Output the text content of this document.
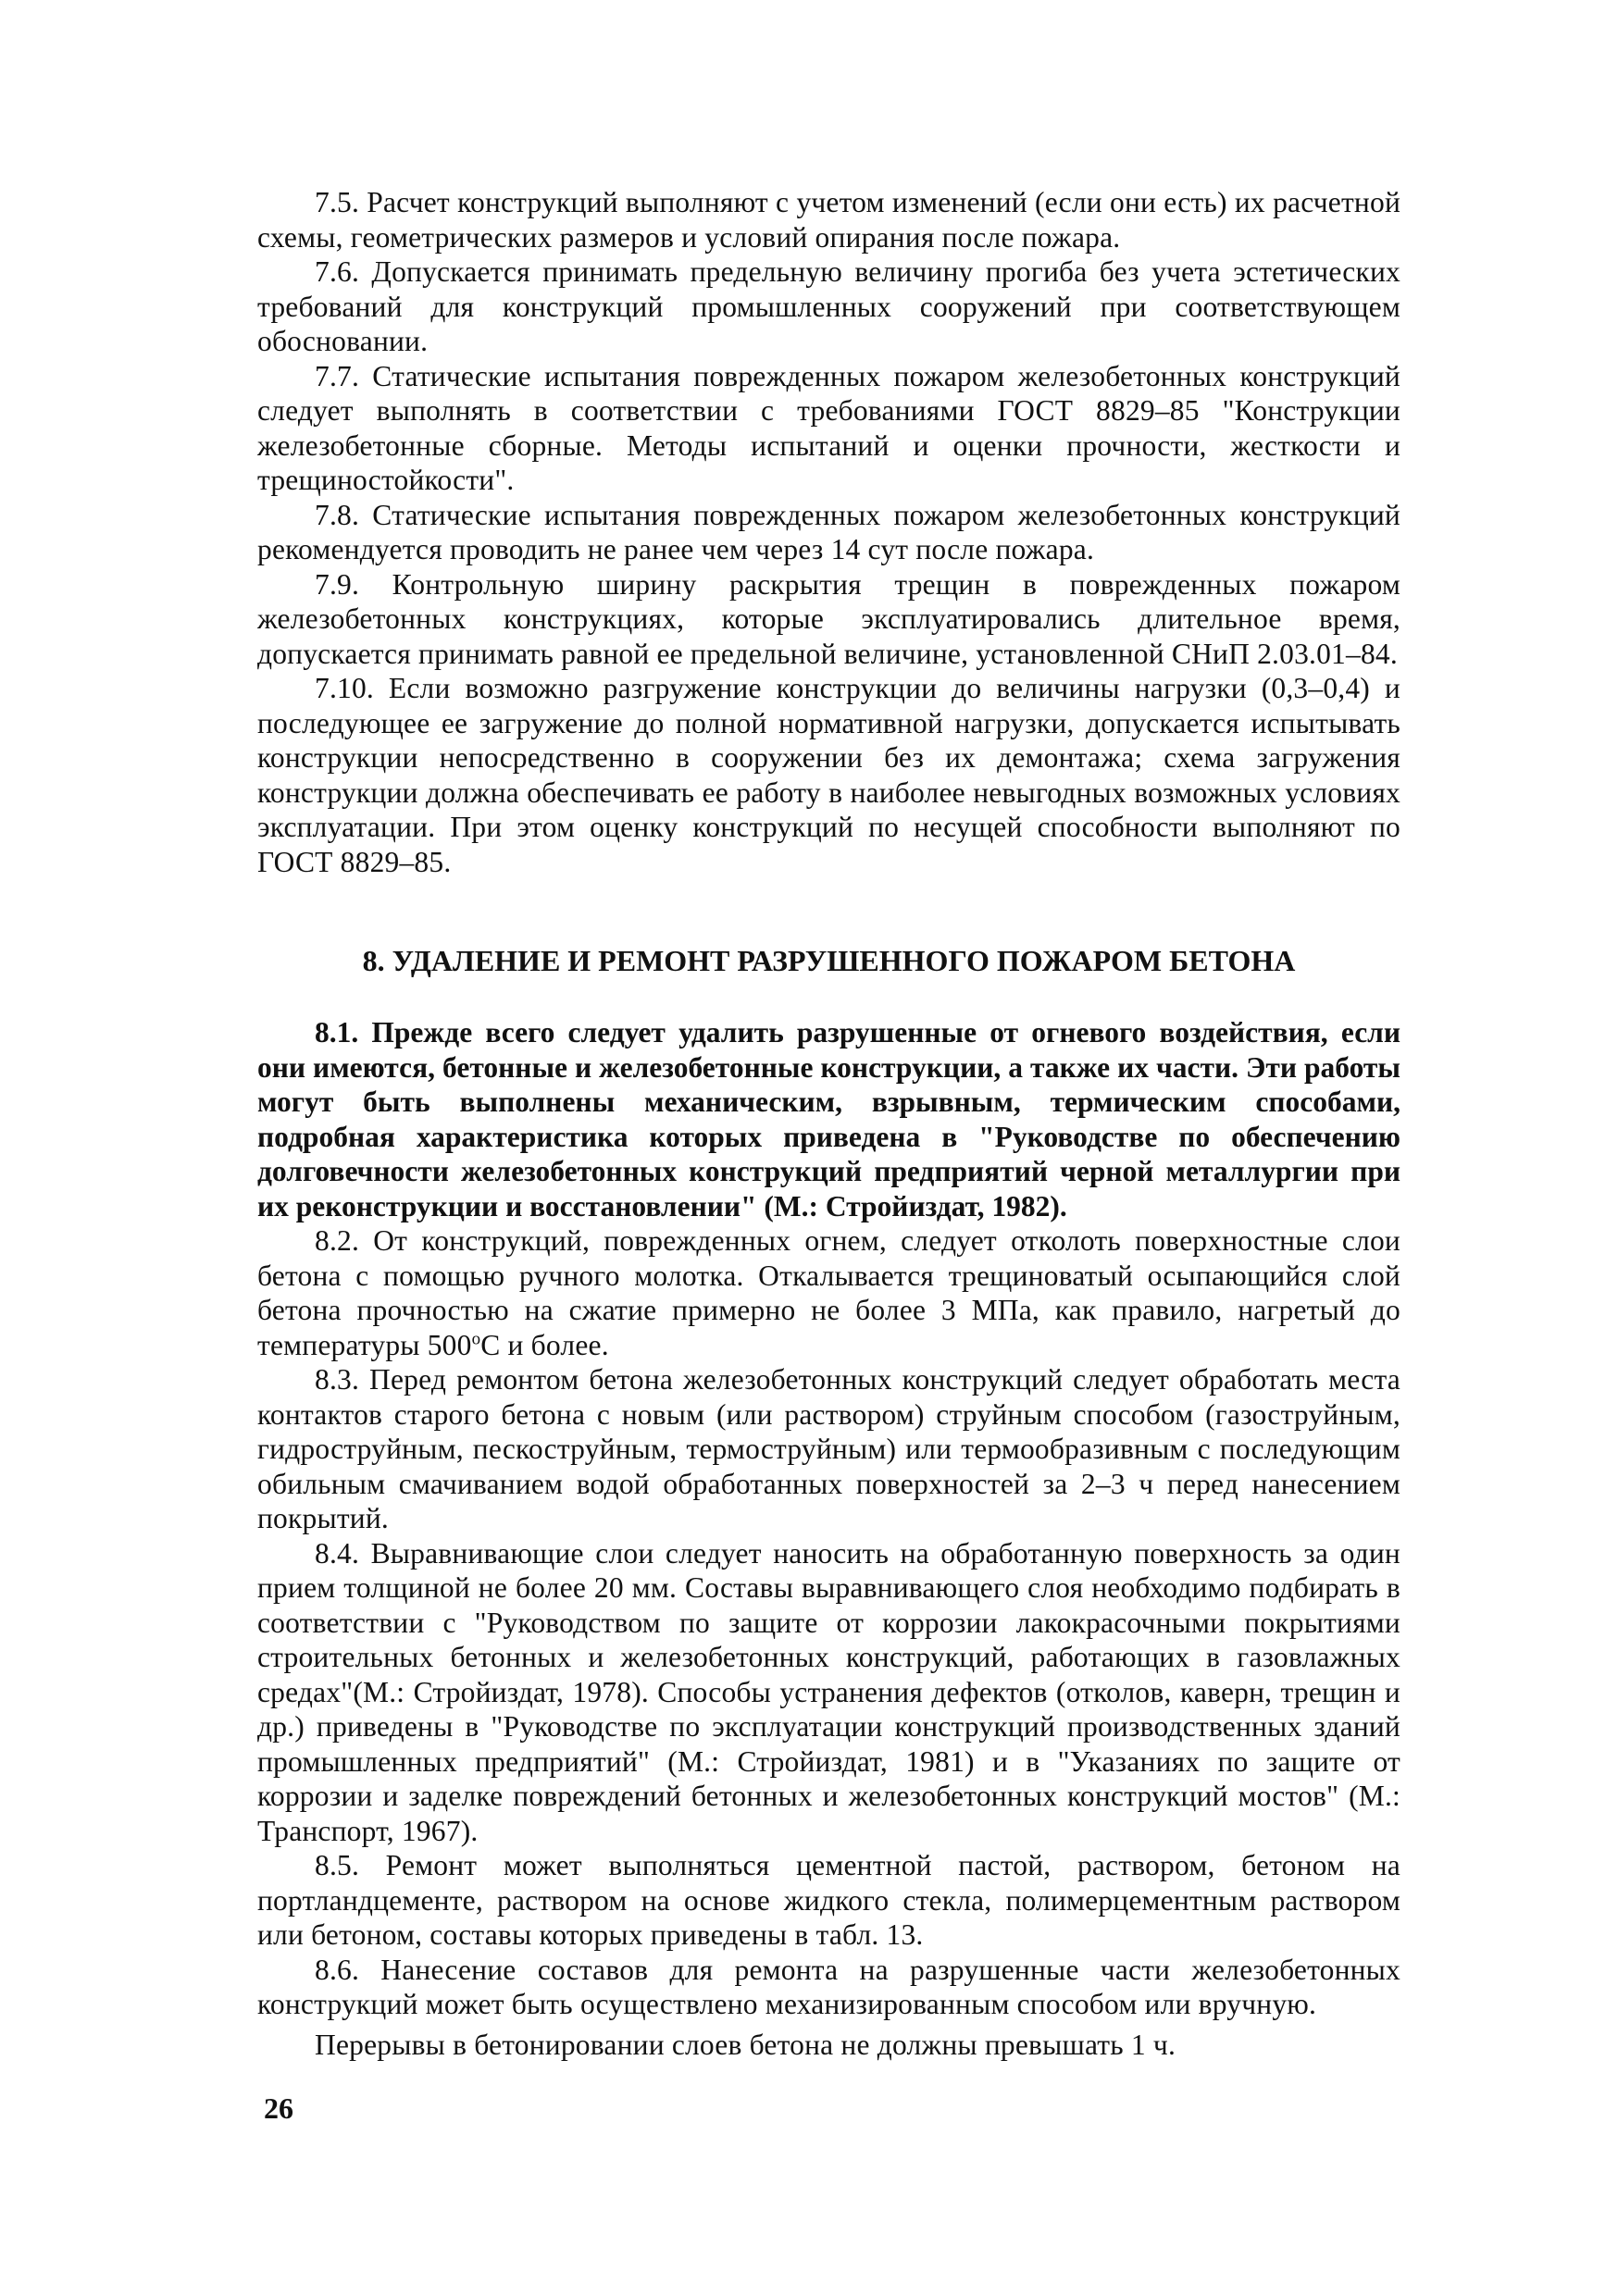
7.5. Расчет конструкций выполняют с учетом изменений (если они есть) их расчетной схемы, геометрических размеров и условий опирания после пожара.

7.6. Допускается принимать предельную величину прогиба без учета эстетических требований для конструкций промышленных сооружений при соответствующем обосновании.

7.7. Статические испытания поврежденных пожаром железобетонных конструкций следует выполнять в соответствии с требованиями ГОСТ 8829–85 "Конструкции железобетонные сборные. Методы испытаний и оценки прочности, жесткости и трещиностойкости".

7.8. Статические испытания поврежденных пожаром железобетонных конструкций рекомендуется проводить не ранее чем через 14 сут после пожара.

7.9. Контрольную ширину раскрытия трещин в поврежденных пожаром железобетонных конструкциях, которые эксплуатировались длительное время, допускается принимать равной ее предельной величине, установленной СНиП 2.03.01–84.

7.10. Если возможно разгружение конструкции до величины нагрузки (0,3–0,4) и последующее ее загружение до полной нормативной нагрузки, допускается испытывать конструкции непосредственно в сооружении без их демонтажа; схема загружения конструкции должна обеспечивать ее работу в наиболее невыгодных возможных условиях эксплуатации. При этом оценку конструкций по несущей способности выполняют по ГОСТ 8829–85.

8. УДАЛЕНИЕ И РЕМОНТ РАЗРУШЕННОГО ПОЖАРОМ БЕТОНА

8.1. Прежде всего следует удалить разрушенные от огневого воздействия, если они имеются, бетонные и железобетонные конструкции, а также их части. Эти работы могут быть выполнены механическим, взрывным, термическим способами, подробная характеристика которых приведена в "Руководстве по обеспечению долговечности железобетонных конструкций предприятий черной металлургии при их реконструкции и восстановлении" (М.: Стройиздат, 1982).

8.2. От конструкций, поврежденных огнем, следует отколоть поверхностные слои бетона с помощью ручного молотка. Откалывается трещиноватый осыпающийся слой бетона прочностью на сжатие примерно не более 3 МПа, как правило, нагретый до температуры $500^оС$ и более.

8.3. Перед ремонтом бетона железобетонных конструкций следует обработать места контактов старого бетона с новым (или раствором) струйным способом (газоструйным, гидроструйным, пескоструйным, термоструйным) или термообразивным с последующим обильным смачиванием водой обработанных поверхностей за 2–3 ч перед нанесением покрытий.

8.4. Выравнивающие слои следует наносить на обработанную поверхность за один прием толщиной не более 20 мм. Составы выравнивающего слоя необходимо подбирать в соответствии с "Руководством по защите от коррозии лакокрасочными покрытиями строительных бетонных и железобетонных конструкций, работающих в газовлажных средах"(М.: Стройиздат, 1978). Способы устранения дефектов (отколов, каверн, трещин и др.) приведены в "Руководстве по эксплуатации конструкций производственных зданий промышленных предприятий" (М.: Стройиздат, 1981) и в "Указаниях по защите от коррозии и заделке повреждений бетонных и железобетонных конструкций мостов" (М.: Транспорт, 1967).

8.5. Ремонт может выполняться цементной пастой, раствором, бетоном на портландцементе, раствором на основе жидкого стекла, полимерцементным раствором или бетоном, составы которых приведены в табл. 13.

8.6. Нанесение составов для ремонта на разрушенные части железобетонных конструкций может быть осуществлено механизированным способом или вручную.

Перерывы в бетонировании слоев бетона не должны превышать 1 ч.

26
